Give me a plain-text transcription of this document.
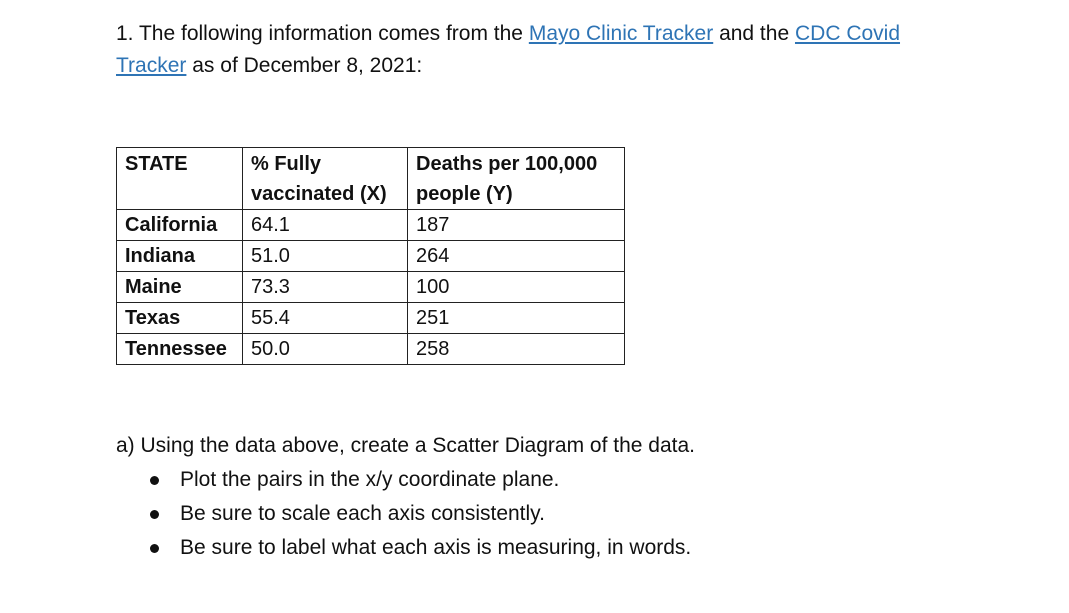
1. The following information comes from the Mayo Clinic Tracker and the CDC Covid Tracker as of December 8, 2021:
STATE	% Fully vaccinated (X)	Deaths per 100,000 people (Y)
California	64.1	187
Indiana	51.0	264
Maine	73.3	100
Texas	55.4	251
Tennessee	50.0	258
a) Using the data above, create a Scatter Diagram of the data.
Plot the pairs in the x/y coordinate plane.
Be sure to scale each axis consistently.
Be sure to label what each axis is measuring, in words.
